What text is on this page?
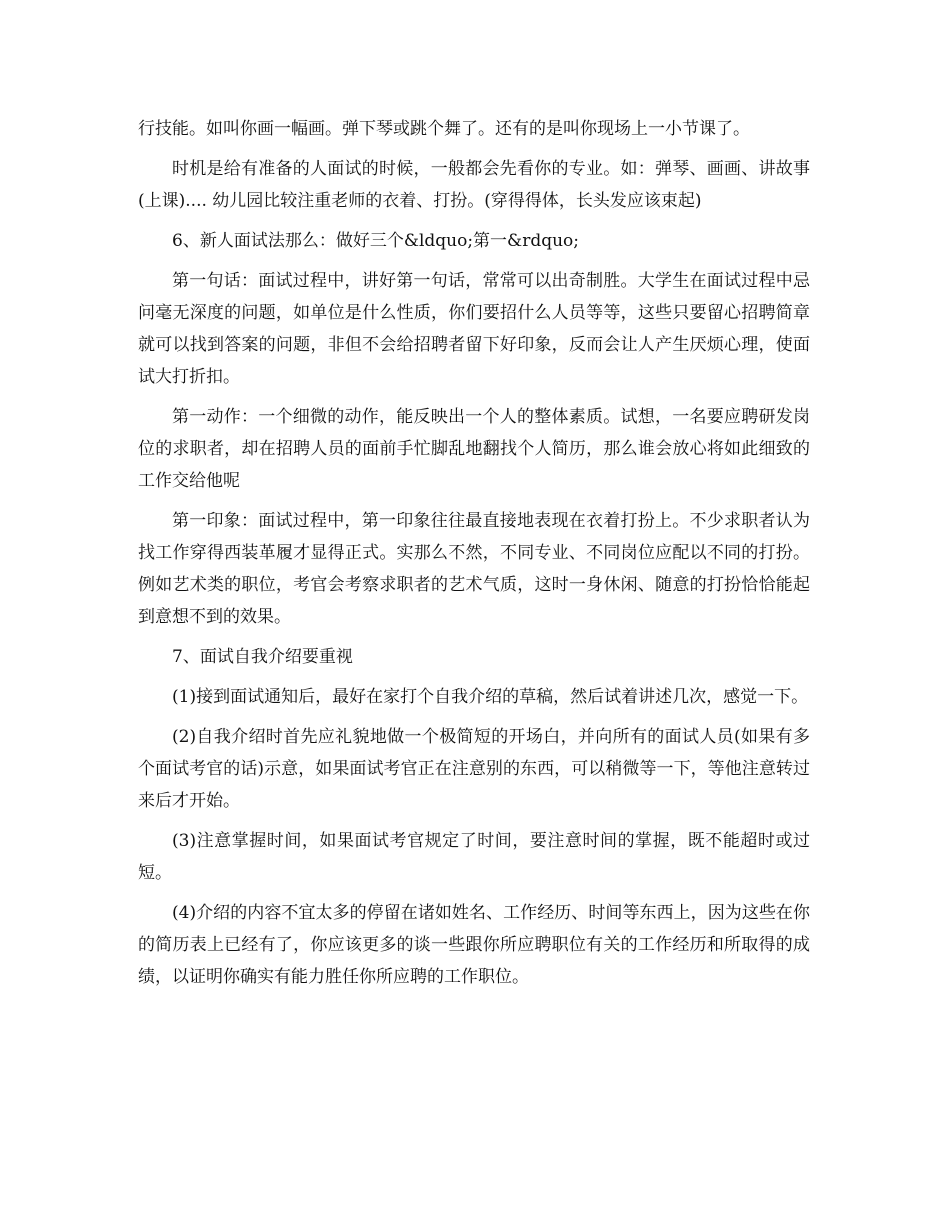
行技能。如叫你画一幅画。弹下琴或跳个舞了。还有的是叫你现场上一小节课了。

时机是给有准备的人面试的时候，一般都会先看你的专业。如：弹琴、画画、讲故事(上课).... 幼儿园比较注重老师的衣着、打扮。(穿得得体，长头发应该束起)

6、新人面试法那么：做好三个&ldquo;第一&rdquo;

第一句话：面试过程中，讲好第一句话，常常可以出奇制胜。大学生在面试过程中忌问毫无深度的问题，如单位是什么性质，你们要招什么人员等等，这些只要留心招聘简章就可以找到答案的问题，非但不会给招聘者留下好印象，反而会让人产生厌烦心理，使面试大打折扣。

第一动作：一个细微的动作，能反映出一个人的整体素质。试想，一名要应聘研发岗位的求职者，却在招聘人员的面前手忙脚乱地翻找个人简历，那么谁会放心将如此细致的工作交给他呢

第一印象：面试过程中，第一印象往往最直接地表现在衣着打扮上。不少求职者认为找工作穿得西装革履才显得正式。实那么不然，不同专业、不同岗位应配以不同的打扮。例如艺术类的职位，考官会考察求职者的艺术气质，这时一身休闲、随意的打扮恰恰能起到意想不到的效果。

7、面试自我介绍要重视

(1)接到面试通知后，最好在家打个自我介绍的草稿，然后试着讲述几次，感觉一下。

(2)自我介绍时首先应礼貌地做一个极简短的开场白，并向所有的面试人员(如果有多个面试考官的话)示意，如果面试考官正在注意别的东西，可以稍微等一下，等他注意转过来后才开始。

(3)注意掌握时间，如果面试考官规定了时间，要注意时间的掌握，既不能超时或过短。

(4)介绍的内容不宜太多的停留在诸如姓名、工作经历、时间等东西上，因为这些在你的简历表上已经有了，你应该更多的谈一些跟你所应聘职位有关的工作经历和所取得的成绩，以证明你确实有能力胜任你所应聘的工作职位。
